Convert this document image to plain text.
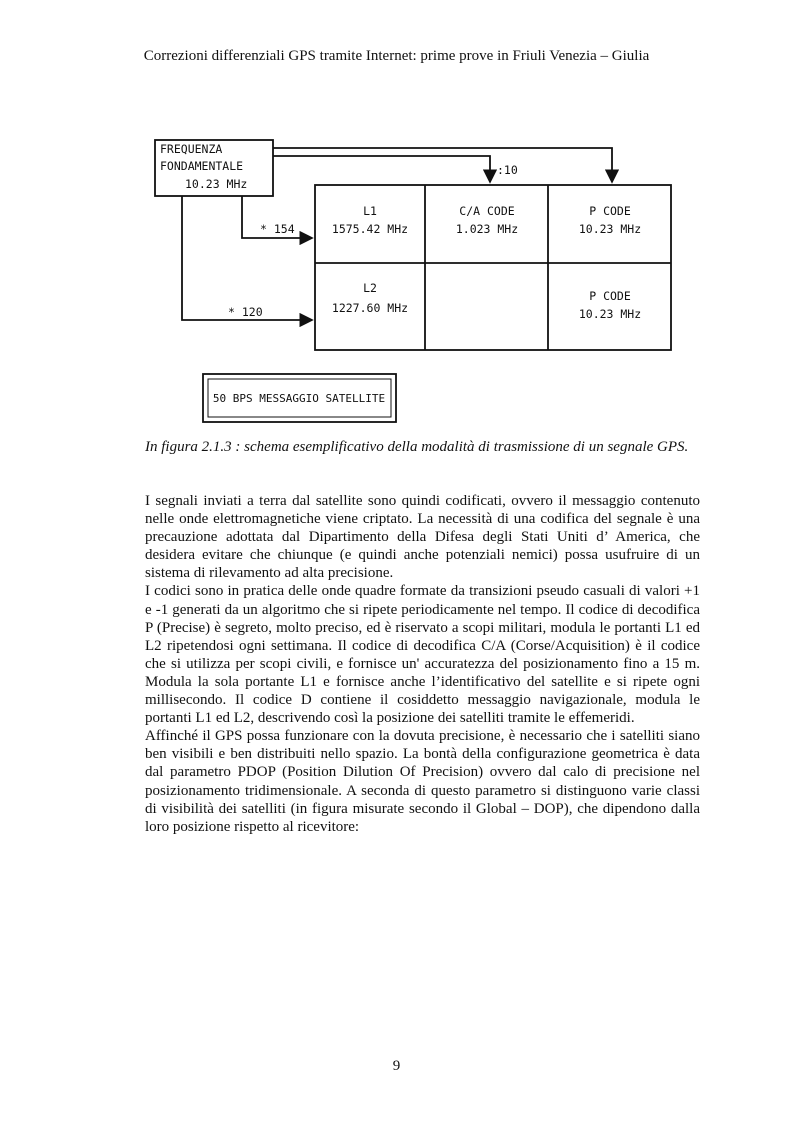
Correzioni differenziali GPS tramite Internet: prime prove in Friuli Venezia – Giulia
FREQUENZA
FONDAMENTALE
10.23 MHz
:10
* 154
* 120
L1
1575.42 MHz
C/A CODE
1.023 MHz
P CODE
10.23 MHz
L2
1227.60 MHz
P CODE
10.23 MHz
50 BPS MESSAGGIO SATELLITE
In figura 2.1.3 : schema esemplificativo della modalità di trasmissione di un segnale GPS.

I segnali inviati a terra dal satellite sono quindi codificati, ovvero il messaggio contenuto nelle onde elettromagnetiche viene criptato. La necessità di una codifica del segnale è una precauzione adottata dal Dipartimento della Difesa degli Stati Uniti d’ America, che desidera evitare che chiunque (e quindi anche potenziali nemici) possa usufruire di un sistema di rilevamento ad alta precisione.

I codici sono in pratica delle onde quadre formate da transizioni pseudo casuali di valori +1 e -1 generati da un algoritmo che si ripete periodicamente nel tempo. Il codice di decodifica P (Precise) è segreto, molto preciso, ed è riservato a scopi militari, modula le portanti L1 ed L2 ripetendosi ogni settimana. Il codice di decodifica C/A (Corse/Acquisition) è il codice che si utilizza per scopi civili, e fornisce un' accuratezza del posizionamento fino a 15 m. Modula la sola portante L1 e fornisce anche l’identificativo del satellite e si ripete ogni millisecondo. Il codice D contiene il cosiddetto messaggio navigazionale, modula le portanti L1 ed L2, descrivendo così la posizione dei satelliti tramite le effemeridi.

Affinché il GPS possa funzionare con la dovuta precisione, è necessario che i satelliti siano ben visibili e ben distribuiti nello spazio. La bontà della configurazione geometrica è data dal parametro PDOP (Position Dilution Of Precision) ovvero dal calo di precisione nel posizionamento tridimensionale. A seconda di questo parametro si distinguono varie classi di visibilità dei satelliti (in figura misurate secondo il Global – DOP), che dipendono dalla loro posizione rispetto al ricevitore:

9
